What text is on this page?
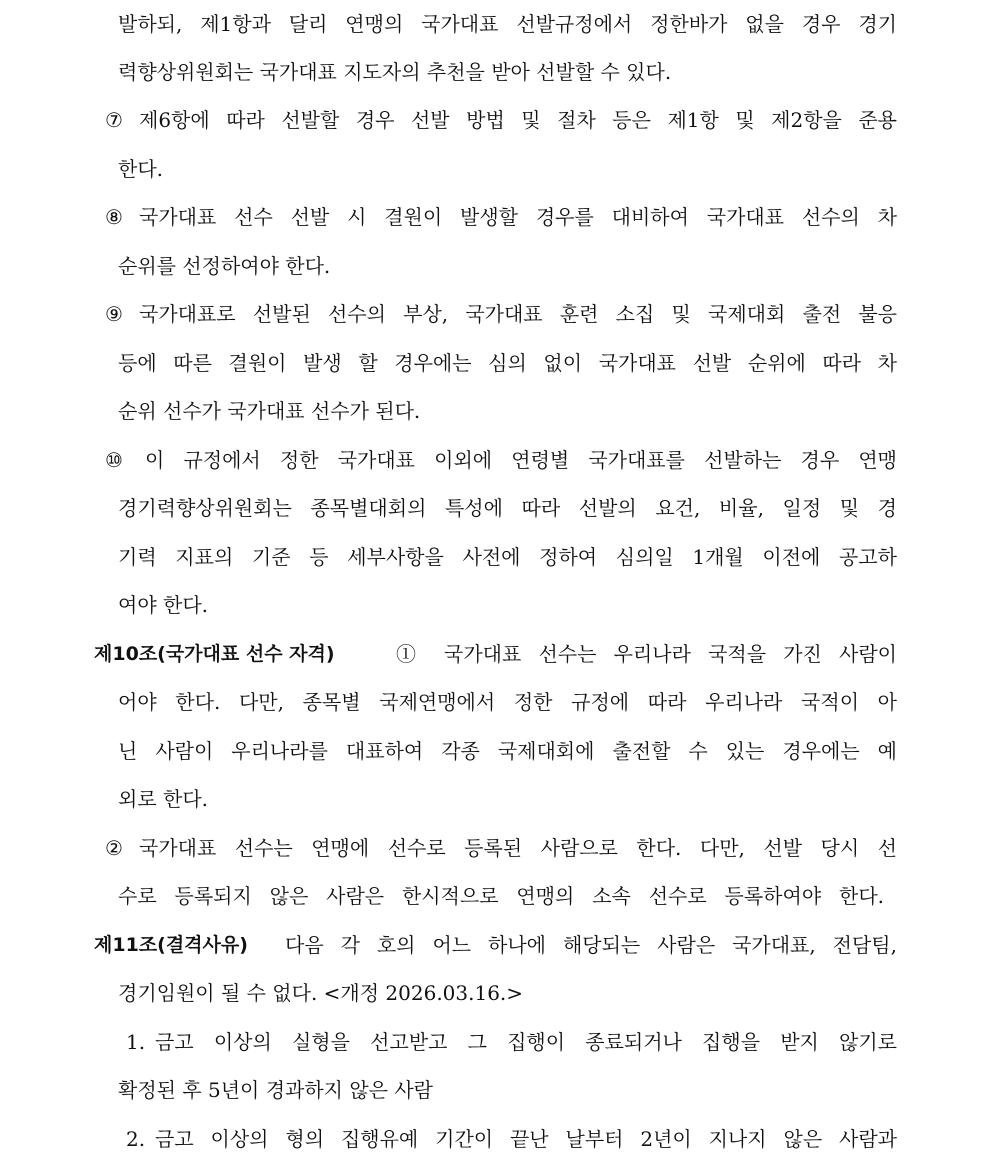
발하되, 제1항과 달리 연맹의 국가대표 선발규정에서 정한바가 없을 경우 경기
력향상위원회는 국가대표 지도자의 추천을 받아 선발할 수 있다.
⑦ 제6항에 따라 선발할 경우 선발 방법 및 절차 등은 제1항 및 제2항을 준용
한다.
⑧ 국가대표 선수 선발 시 결원이 발생할 경우를 대비하여 국가대표 선수의 차
순위를 선정하여야 한다.
⑨ 국가대표로 선발된 선수의 부상, 국가대표 훈련 소집 및 국제대회 출전 불응
등에 따른 결원이 발생 할 경우에는 심의 없이 국가대표 선발 순위에 따라 차
순위 선수가 국가대표 선수가 된다.
⑩ 이 규정에서 정한 국가대표 이외에 연령별 국가대표를 선발하는 경우 연맹
경기력향상위원회는 종목별대회의 특성에 따라 선발의 요건, 비율, 일정 및 경
기력 지표의 기준 등 세부사항을 사전에 정하여 심의일 1개월 이전에 공고하
여야 한다.
제10조(국가대표 선수 자격)	① 국가대표 선수는 우리나라 국적을 가진 사람이
어야 한다. 다만, 종목별 국제연맹에서 정한 규정에 따라 우리나라 국적이 아
닌 사람이 우리나라를 대표하여 각종 국제대회에 출전할 수 있는 경우에는 예
외로 한다.
② 국가대표 선수는 연맹에 선수로 등록된 사람으로 한다. 다만, 선발 당시 선
수로 등록되지 않은 사람은 한시적으로 연맹의 소속 선수로 등록하여야 한다.
제11조(결격사유) 다음 각 호의 어느 하나에 해당되는 사람은 국가대표, 전담팀,
경기임원이 될 수 없다. <개정 2026.03.16.>
1. 금고 이상의 실형을 선고받고 그 집행이 종료되거나 집행을 받지 않기로
확정된 후 5년이 경과하지 않은 사람
2. 금고 이상의 형의 집행유예 기간이 끝난 날부터 2년이 지나지 않은 사람과
